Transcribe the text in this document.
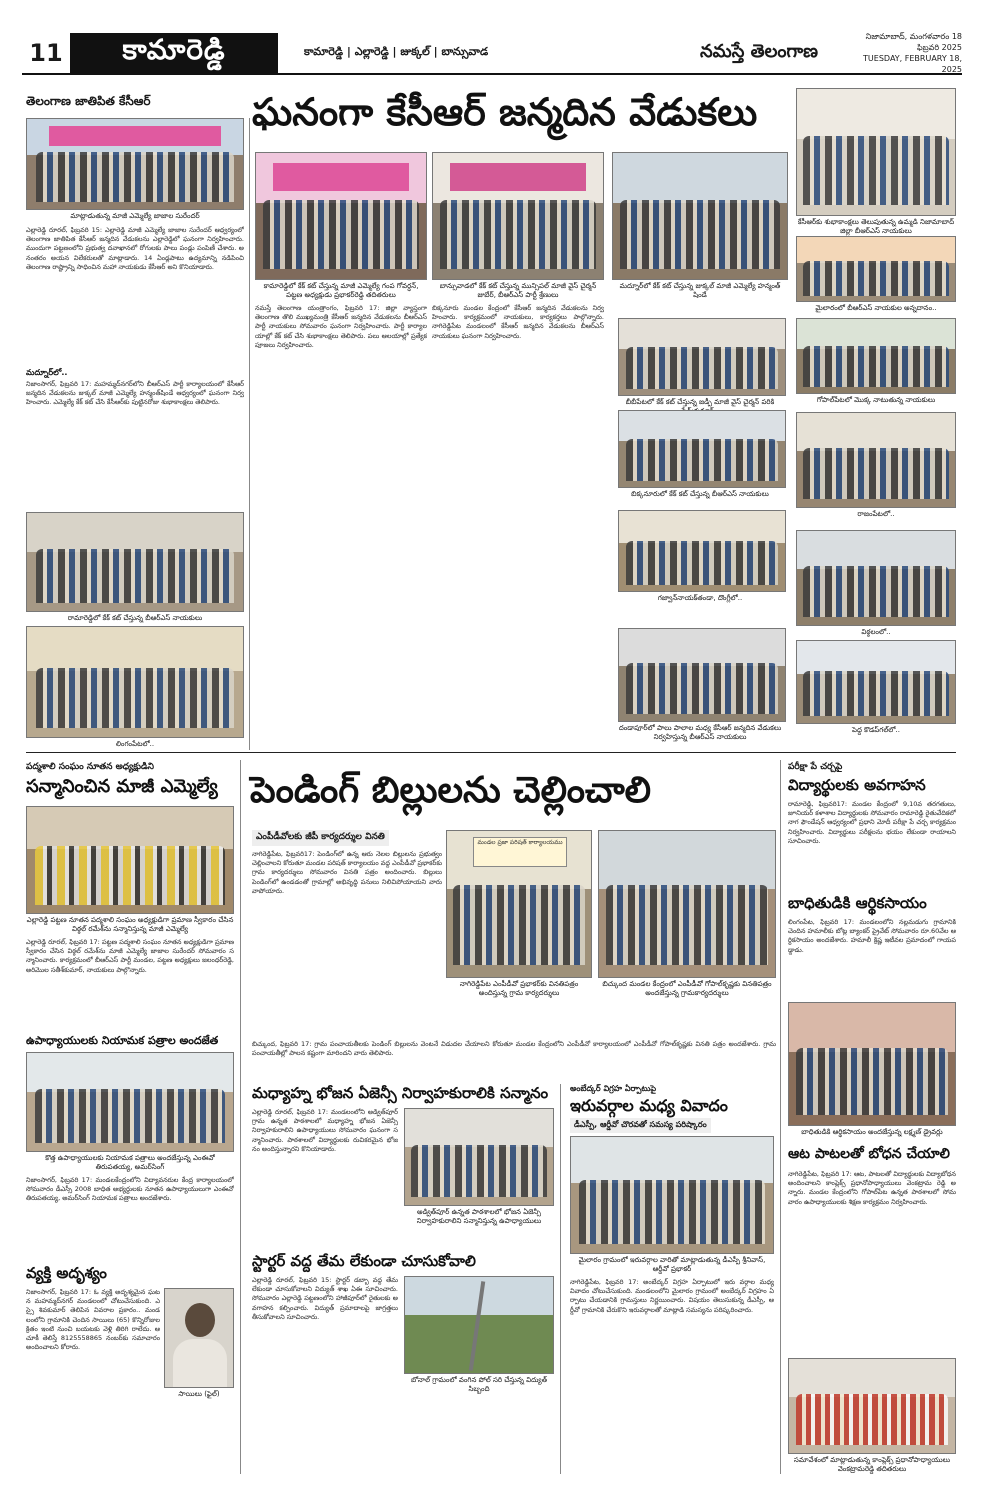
11	కామారెడ్డి	కామారెడ్డి | ఎల్లారెడ్డి | జుక్కల్ | బాన్సువాడ	నమస్తే తెలంగాణ
నిజామాబాద్, మంగళవారం 18 ఫిబ్రవరి 2025
TUESDAY, FEBRUARY 18, 2025
తెలంగాణ జాతిపిత కేసీఆర్	ఘనంగా కేసీఆర్ జన్మదిన వేడుకలు
మాట్లాడుతున్న మాజీ ఎమ్మెల్యే జాజాల సురేందర్
ఎల్లారెడ్డి రూరల్, ఫిబ్రవరి 15: ఎల్లారెడ్డి మాజీ ఎమ్మెల్యే జాజాల సురేందర్ ఆధ్వర్యంలో తెలంగాణ జాతిపిత కేసీఆర్ జన్మదిన వేడుకలను ఎల్లారెడ్డిలో ఘనంగా నిర్వహించారు. ముందుగా పట్టణంలోని ప్రభుత్వ దవాఖానలో రోగులకు పాలు పండ్లు పంపిణీ చేశారు. అనంతరం అయన విలేకరులతో మాట్లాడారు. 14 ఏండ్లపాటు ఉద్యమాన్ని నడిపించి తెలంగాణ రాష్ట్రాన్ని సాధించిన మహా నాయకుడు కేసీఆర్ అని కొనియాడారు.
మద్నూర్‌లో..
నిజాంసాగర్, ఫిబ్రవరి 17: మహమ్మద్‌నగర్‌లోని బీఆర్ఎస్ పార్టీ కార్యాలయంలో కేసీఆర్ జన్మదిన వేడుకలను జుక్కల్ మాజీ ఎమ్మెల్యే హన్మంత్‌షిండే ఆధ్వర్యంలో ఘనంగా నిర్వహించారు. ఎమ్మెల్యే కేక్ కట్ చేసి కేసీఆర్‌కు పుట్టినరోజు శుభాకాంక్షలు తెలిపారు.
రామారెడ్డిలో కేక్ కట్ చేస్తున్న బీఆర్ఎస్ నాయకులు
లింగంపేటలో..
కామారెడ్డిలో కేక్ కట్ చేస్తున్న మాజీ ఎమ్మెల్యే గంప గోవర్ధన్, పట్టణ అధ్యక్షుడు ప్రభాకర్‌రెడ్డి తదితరులు
బాన్సువాడలో కేక్ కట్ చేస్తున్న మున్సిపల్ మాజీ వైస్ చైర్మన్ జుబేర్, బీఆర్ఎస్ పార్టీ శ్రేణులు
నమస్తే తెలంగాణ యంత్రాంగం, ఫిబ్రవరి 17: జిల్లా వ్యాప్తంగా తెలంగాణ తొలి ముఖ్యమంత్రి కేసీఆర్ జన్మదిన వేడుకలను బీఆర్ఎస్ పార్టీ నాయకులు సోమవారం ఘనంగా నిర్వహించారు. పార్టీ కార్యాలయాల్లో కేక్ కట్ చేసి శుభాకాంక్షలు తెలిపారు. పలు ఆలయాల్లో ప్రత్యేక పూజలు నిర్వహించారు.
బిక్కనూరు మండల కేంద్రంలో కేసీఆర్ జన్మదిన వేడుకలను నిర్వహించారు. కార్యక్రమంలో నాయకులు, కార్యకర్తలు పాల్గొన్నారు. నాగిరెడ్డిపేట మండలంలో కేసీఆర్ జన్మదిన వేడుకలను బీఆర్ఎస్ నాయకులు ఘనంగా నిర్వహించారు.
మద్నూర్‌లో కేక్ కట్ చేస్తున్న జుక్కల్ మాజీ ఎమ్మెల్యే హన్మంత్ షిండే
బీబీపేటలో కేక్ కట్ చేస్తున్న జడ్పీ మాజీ వైస్ చైర్మన్ పరికి
బిక్కనూరులో కేక్ కట్ చేస్తున్న బీఆర్ఎస్ నాయకులు
గజ్వాన్‌నాయక్‌తండా, దొంగ్లీలో..
దండాపూర్‌లో పాలు పాలాల మధ్య కేసీఆర్ జన్మదిన వేడుకలు నిర్వహిస్తున్న బీఆర్ఎస్ నాయకులు
కేసీఆర్‌కు శుభాకాంక్షలు తెలుపుతున్న ఉమ్మడి నిజామాబాద్ జిల్లా బీఆర్ఎస్ నాయకులు
మైలారంలో బీఆర్ఎస్ నాయకుల అన్నదానం..
గోపాల్‌పేటలో మొక్క నాటుతున్న నాయకులు
రాజంపేటలో..
విఠ్ఠలంలో..
పెద్ద కొడప్‌గల్‌లో..
పద్మశాలి సంఘం నూతన అధ్యక్షుడిని
సన్మానించిన మాజీ ఎమ్మెల్యే
ఎల్లారెడ్డి పట్టణ నూతన పద్మశాలి సంఘం అధ్యక్షుడిగా ప్రమాణ స్వీకారం చేసిన విఠ్ఠల్ రమేశ్‌ను సన్మానిస్తున్న మాజీ ఎమ్మెల్యే
ఎల్లారెడ్డి రూరల్, ఫిబ్రవరి 17: పట్టణ పద్మశాలి సంఘం నూతన అధ్యక్షుడిగా ప్రమాణ స్వీకారం చేసిన విఠ్ఠల్ రమేశ్‌ను మాజీ ఎమ్మెల్యే జాజాల సురేందర్ సోమవారం సన్మానించారు. కార్యక్రమంలో బీఆర్ఎస్ పార్టీ మండల, పట్టణ అధ్యక్షులు జలంధర్‌రెడ్డి, అరిమొల సతీశ్‌కుమార్, నాయకులు పాల్గొన్నారు.
ఉపాధ్యాయులకు నియామక పత్రాల అందజేత
కొత్త ఉపాధ్యాయులకు నియామక పత్రాలు అందజేస్తున్న ఎంఈవో తిరుపతయ్య, అమర్‌సింగ్
నిజాంసాగర్, ఫిబ్రవరి 17: మండలకేంద్రంలోని విద్యావనరుల కేంద్ర కార్యాలయంలో సోమవారం డీఎస్సీ 2008 బాధిత అభ్యర్థులకు నూతన ఉపాధ్యాయులుగా ఎంఈవో తిరుపతయ్య, అమర్‌సింగ్ నియామక పత్రాలు అందజేశారు.
వ్యక్తి అదృశ్యం
నిజాంసాగర్, ఫిబ్రవరి 17: ఓ వ్యక్తి అదృశ్యమైన ఘటన మహమ్మద్‌నగర్ మండలంలో చోటుచేసుకుంది. ఎస్సై శివకుమార్ తెలిపిన వివరాల ప్రకారం.. మండలంలోని గ్రామానికి చెందిన సాయిలు (65) కొన్నిరోజుల క్రితం ఇంటి నుంచి బయటకు వెళ్లి తిరిగి రాలేదు. ఆచూకీ తెలిస్తే 8125558865 నంబర్‌కు సమాచారం అందించాలని కోరారు.
సాయిలు (ఫైల్)
పెండింగ్ బిల్లులను చెల్లించాలి
ఎంపీడీవోలకు జీపీ కార్యదర్శుల వినతి
నాగిరెడ్డిపేట, ఫిబ్రవరి17: పెండింగ్‌లో ఉన్న ఆరు నెలల బిల్లులను ప్రభుత్వం చెల్లించాలని కోరుతూ మండల పరిషత్ కార్యాలయం వద్ద ఎంపీడీవో ప్రభాకర్‌కు గ్రామ కార్యదర్శులు సోమవారం వినతి పత్రం అందించారు. బిల్లులు పెండింగ్‌లో ఉండడంతో గ్రామాల్లో అభివృద్ధి పనులు నిలిచిపోయాయని వారు వాపోయారు.
మండల ప్రజా పరిషత్ కార్యాలయము
నాగిరెడ్డిపేట ఎంపీడీవో ప్రభాకర్‌కు వినతిపత్రం అందిస్తున్న గ్రామ కార్యదర్శులు
బిచ్కుంద మండల కేంద్రంలో ఎంపీడీవో గోపాల్‌కృష్ణకు వినతిపత్రం అందజేస్తున్న గ్రామకార్యదర్శులు
బిచ్కుంద, ఫిబ్రవరి 17: గ్రామ పంచాయతీలకు పెండింగ్ బిల్లులను వెంటనే విడుదల చేయాలని కోరుతూ మండల కేంద్రంలోని ఎంపీడీవో కార్యాలయంలో ఎంపీడీవో గోపాల్‌కృష్ణకు వినతి పత్రం అందజేశారు. గ్రామ పంచాయతీల్లో పాలన కష్టంగా మారిందని వారు తెలిపారు.
మధ్యాహ్న భోజన ఏజెన్సీ నిర్వాహకురాలికి సన్మానం
ఎల్లారెడ్డి రూరల్, ఫిబ్రవరి 17: మండలంలోని అడ్విత్‌పూర్ గ్రామ ఉన్నత పాఠశాలలో మధ్యాహ్న భోజన ఏజెన్సీ నిర్వాహకురాలిని ఉపాధ్యాయులు సోమవారం ఘనంగా సన్మానించారు. పాఠశాలలో విద్యార్థులకు రుచికరమైన భోజనం అందిస్తున్నారని కొనియాడారు.
అడ్విత్‌పూర్ ఉన్నత పాఠశాలలో భోజన ఏజెన్సీ నిర్వాహకురాలిని సన్మానిస్తున్న ఉపాధ్యాయులు
స్టార్టర్ వద్ద తేమ లేకుండా చూసుకోవాలి
ఎల్లారెడ్డి రూరల్, ఫిబ్రవరి 15: స్టార్టర్ డబ్బా వద్ద తేమ లేకుండా చూసుకోవాలని విద్యుత్ శాఖ ఏఈ సూచించారు. సోమవారం ఎల్లారెడ్డి పట్టణంలోని హాజీపూర్‌లో రైతులకు అవగాహన కల్పించారు. విద్యుత్ ప్రమాదాలపై జాగ్రత్తలు తీసుకోవాలని సూచించారు.
బోనాల్ గ్రామంలో వంగిన పోల్ సరి చేస్తున్న విద్యుత్ సిబ్బంది
అంబేద్కర్ విగ్రహ ఏర్పాటుపై
ఇరువర్గాల మధ్య వివాదం
డీఎస్పీ, ఆర్డీవో చొరవతో సమస్య పరిష్కారం
మైలారం గ్రామంలో ఇరువర్గాల వారితో మాట్లాడుతున్న డీఎస్పీ శ్రీనివాస్, ఆర్డీవో ప్రభాకర్
నాగిరెడ్డిపేట, ఫిబ్రవరి 17: అంబేద్కర్ విగ్రహ ఏర్పాటులో ఇరు వర్గాల మధ్య వివాదం చోటుచేసుకుంది. మండలంలోని మైలారం గ్రామంలో అంబేద్కర్ విగ్రహం ఏర్పాటు చేయడానికి గ్రామస్తులు నిర్ణయించారు. విషయం తెలుసుకున్న డీఎస్పీ, ఆర్డీవో గ్రామానికి చేరుకొని ఇరువర్గాలతో మాట్లాడి సమస్యను పరిష్కరించారు.
పరీక్షా పే చర్చపై
విద్యార్థులకు అవగాహన
రామారెడ్డి, ఫిబ్రవరి17: మండల కేంద్రంలో 9,10వ తరగతులు, జూనియర్ కళాశాల విద్యార్థులకు సోమవారం రామారెడ్డి రైతువేదికలో నాగ ఫౌండేషన్ ఆధ్వర్యంలో ప్రధాని మోదీ పరీక్షా పే చర్చ కార్యక్రమం నిర్వహించారు. విద్యార్థులు పరీక్షలను భయం లేకుండా రాయాలని సూచించారు.
బాధితుడికి ఆర్థికసాయం
లింగంపేట, ఫిబ్రవరి 17: మండలంలోని నల్లమడుగు గ్రామానికి చెందిన హమాలీకు బోట్ల బ్యాంకర్ ప్రైవేట్ సోమవారం రూ.60వేల ఆర్థికసాయం అందజేశారు. హమాలీ క్రిష్ణ ఇటీవల ప్రమాదంలో గాయపడ్డాడు.
బాధితుడికి ఆర్థికసాయం అందజేస్తున్న లక్ష్మణ్ డ్రైవర్లు
ఆట పాటలతో బోధన చేయాలి
నాగిరెడ్డిపేట, ఫిబ్రవరి 17: ఆట, పాటలతో విద్యార్థులకు విద్యాబోధన అందించాలని కాంప్లెక్స్ ప్రధానోపాధ్యాయులు వెంకట్రామ రెడ్డి అన్నారు. మండల కేంద్రంలోని గోపాల్‌పేట ఉన్నత పాఠశాలలో సోమవారం ఉపాధ్యాయులకు శిక్షణ కార్యక్రమం నిర్వహించారు.
సమావేశంలో మాట్లాడుతున్న కాంప్లెక్స్ ప్రధానోపాధ్యాయులు వెంకట్రామరెడ్డి తదితరులు
